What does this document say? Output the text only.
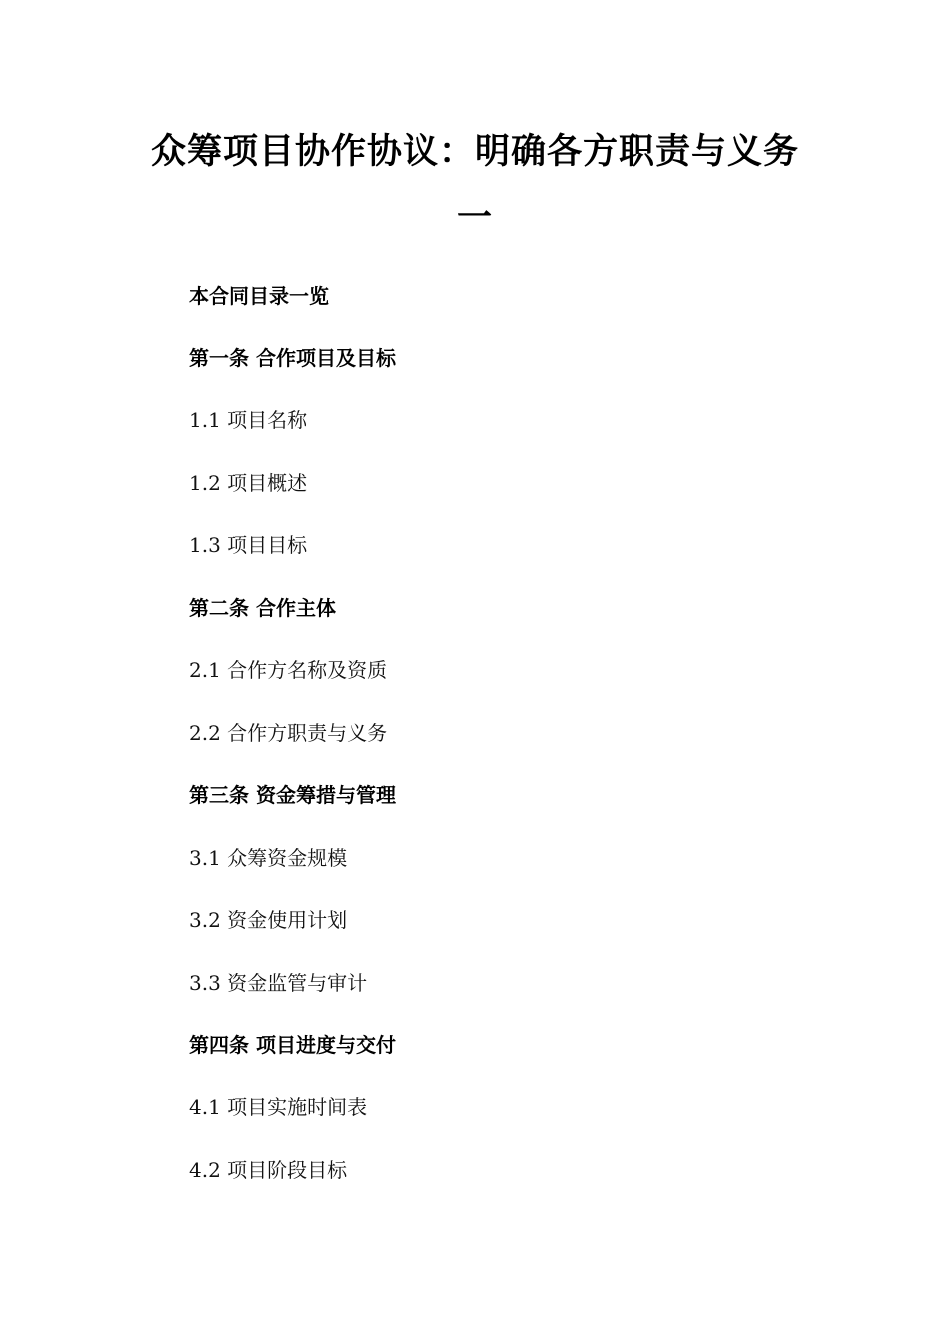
众筹项目协作协议：明确各方职责与义务
一
本合同目录一览
第一条 合作项目及目标
1.1 项目名称
1.2 项目概述
1.3 项目目标
第二条 合作主体
2.1 合作方名称及资质
2.2 合作方职责与义务
第三条 资金筹措与管理
3.1 众筹资金规模
3.2 资金使用计划
3.3 资金监管与审计
第四条 项目进度与交付
4.1 项目实施时间表
4.2 项目阶段目标
